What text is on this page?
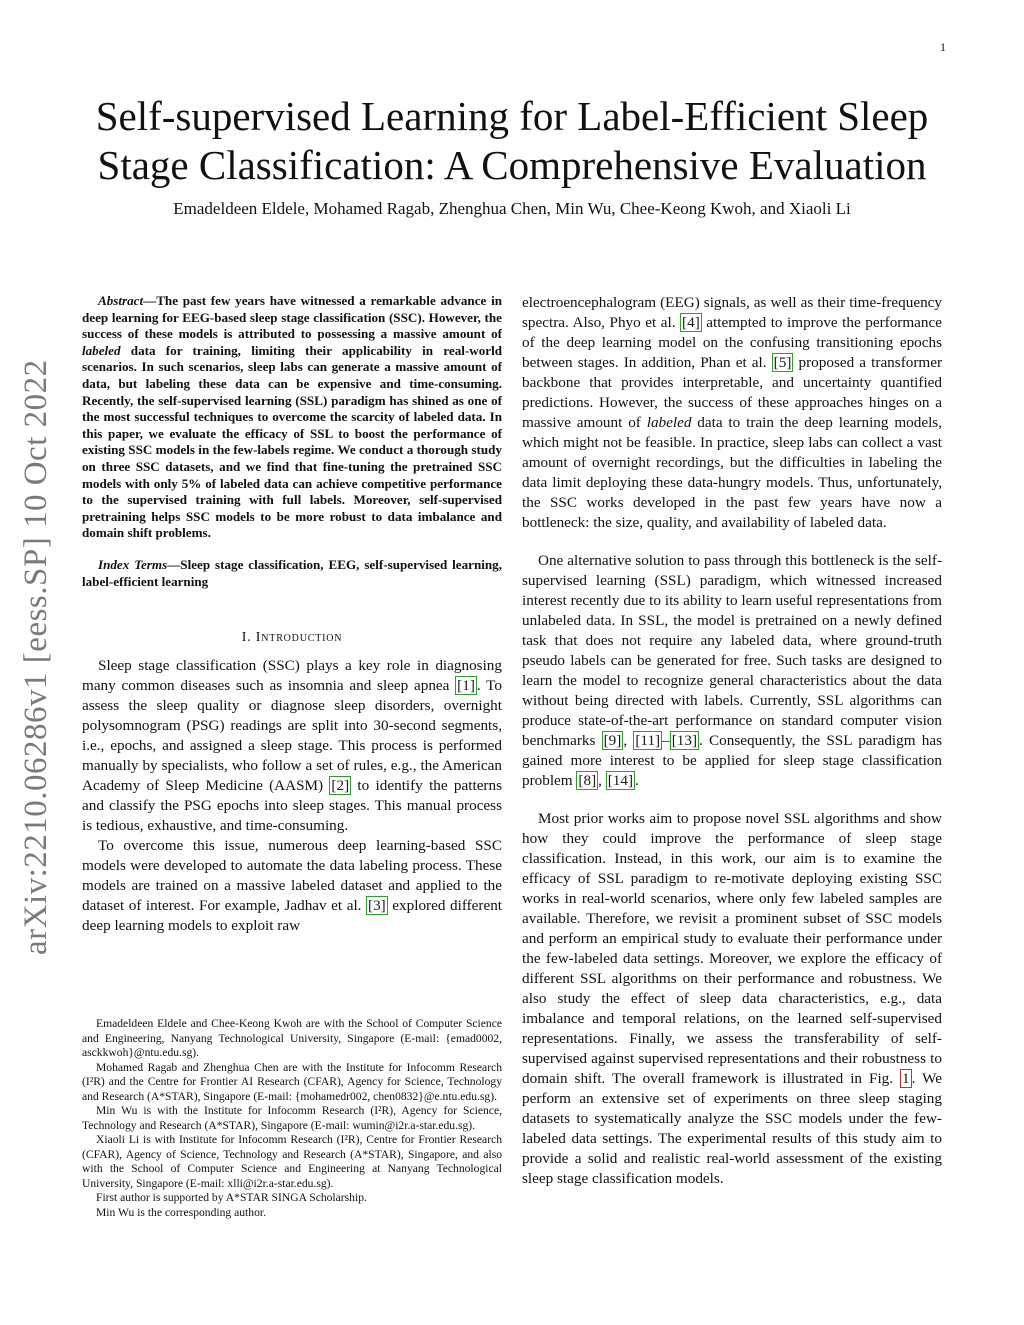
1
arXiv:2210.06286v1 [eess.SP] 10 Oct 2022
Self-supervised Learning for Label-Efficient Sleep Stage Classification: A Comprehensive Evaluation
Emadeldeen Eldele, Mohamed Ragab, Zhenghua Chen, Min Wu, Chee-Keong Kwoh, and Xiaoli Li

Abstract—The past few years have witnessed a remarkable advance in deep learning for EEG-based sleep stage classification (SSC). However, the success of these models is attributed to possessing a massive amount of labeled data for training, limiting their applicability in real-world scenarios. In such scenarios, sleep labs can generate a massive amount of data, but labeling these data can be expensive and time-consuming. Recently, the self-supervised learning (SSL) paradigm has shined as one of the most successful techniques to overcome the scarcity of labeled data. In this paper, we evaluate the efficacy of SSL to boost the performance of existing SSC models in the few-labels regime. We conduct a thorough study on three SSC datasets, and we find that fine-tuning the pretrained SSC models with only 5% of labeled data can achieve competitive performance to the supervised training with full labels. Moreover, self-supervised pretraining helps SSC models to be more robust to data imbalance and domain shift problems.

Index Terms—Sleep stage classification, EEG, self-supervised learning, label-efficient learning

I. Introduction

Sleep stage classification (SSC) plays a key role in diagnosing many common diseases such as insomnia and sleep apnea [1] . To assess the sleep quality or diagnose sleep disorders, overnight polysomnogram (PSG) readings are split into 30-second segments, i.e., epochs, and assigned a sleep stage. This process is performed manually by specialists, who follow a set of rules, e.g., the American Academy of Sleep Medicine (AASM) [2] to identify the patterns and classify the PSG epochs into sleep stages. This manual process is tedious, exhaustive, and time-consuming.

To overcome this issue, numerous deep learning-based SSC models were developed to automate the data labeling process. These models are trained on a massive labeled dataset and applied to the dataset of interest. For example, Jadhav et al. [3] explored different deep learning models to exploit raw

Emadeldeen Eldele and Chee-Keong Kwoh are with the School of Computer Science and Engineering, Nanyang Technological University, Singapore (E-mail: {emad0002, asckkwoh}@ntu.edu.sg).

Mohamed Ragab and Zhenghua Chen are with the Institute for Infocomm Research (I²R) and the Centre for Frontier AI Research (CFAR), Agency for Science, Technology and Research (A*STAR), Singapore (E-mail: {mohamedr002, chen0832}@e.ntu.edu.sg).

Min Wu is with the Institute for Infocomm Research (I²R), Agency for Science, Technology and Research (A*STAR), Singapore (E-mail: wumin@i2r.a-star.edu.sg).

Xiaoli Li is with Institute for Infocomm Research (I²R), Centre for Frontier Research (CFAR), Agency of Science, Technology and Research (A*STAR), Singapore, and also with the School of Computer Science and Engineering at Nanyang Technological University, Singapore (E-mail: xlli@i2r.a-star.edu.sg).

First author is supported by A*STAR SINGA Scholarship.

Min Wu is the corresponding author.

electroencephalogram (EEG) signals, as well as their time-frequency spectra. Also, Phyo et al. [4] attempted to improve the performance of the deep learning model on the confusing transitioning epochs between stages. In addition, Phan et al. [5] proposed a transformer backbone that provides interpretable, and uncertainty quantified predictions. However, the success of these approaches hinges on a massive amount of labeled data to train the deep learning models, which might not be feasible. In practice, sleep labs can collect a vast amount of overnight recordings, but the difficulties in labeling the data limit deploying these data-hungry models. Thus, unfortunately, the SSC works developed in the past few years have now a bottleneck: the size, quality, and availability of labeled data.

One alternative solution to pass through this bottleneck is the self-supervised learning (SSL) paradigm, which witnessed increased interest recently due to its ability to learn useful representations from unlabeled data. In SSL, the model is pretrained on a newly defined task that does not require any labeled data, where ground-truth pseudo labels can be generated for free. Such tasks are designed to learn the model to recognize general characteristics about the data without being directed with labels. Currently, SSL algorithms can produce state-of-the-art performance on standard computer vision benchmarks [9] , [11] – [13] . Consequently, the SSL paradigm has gained more interest to be applied for sleep stage classification problem [8] , [14] .

Most prior works aim to propose novel SSL algorithms and show how they could improve the performance of sleep stage classification. Instead, in this work, our aim is to examine the efficacy of SSL paradigm to re-motivate deploying existing SSC works in real-world scenarios, where only few labeled samples are available. Therefore, we revisit a prominent subset of SSC models and perform an empirical study to evaluate their performance under the few-labeled data settings. Moreover, we explore the efficacy of different SSL algorithms on their performance and robustness. We also study the effect of sleep data characteristics, e.g., data imbalance and temporal relations, on the learned self-supervised representations. Finally, we assess the transferability of self-supervised against supervised representations and their robustness to domain shift. The overall framework is illustrated in Fig. 1 . We perform an extensive set of experiments on three sleep staging datasets to systematically analyze the SSC models under the few-labeled data settings. The experimental results of this study aim to provide a solid and realistic real-world assessment of the existing sleep stage classification models.
